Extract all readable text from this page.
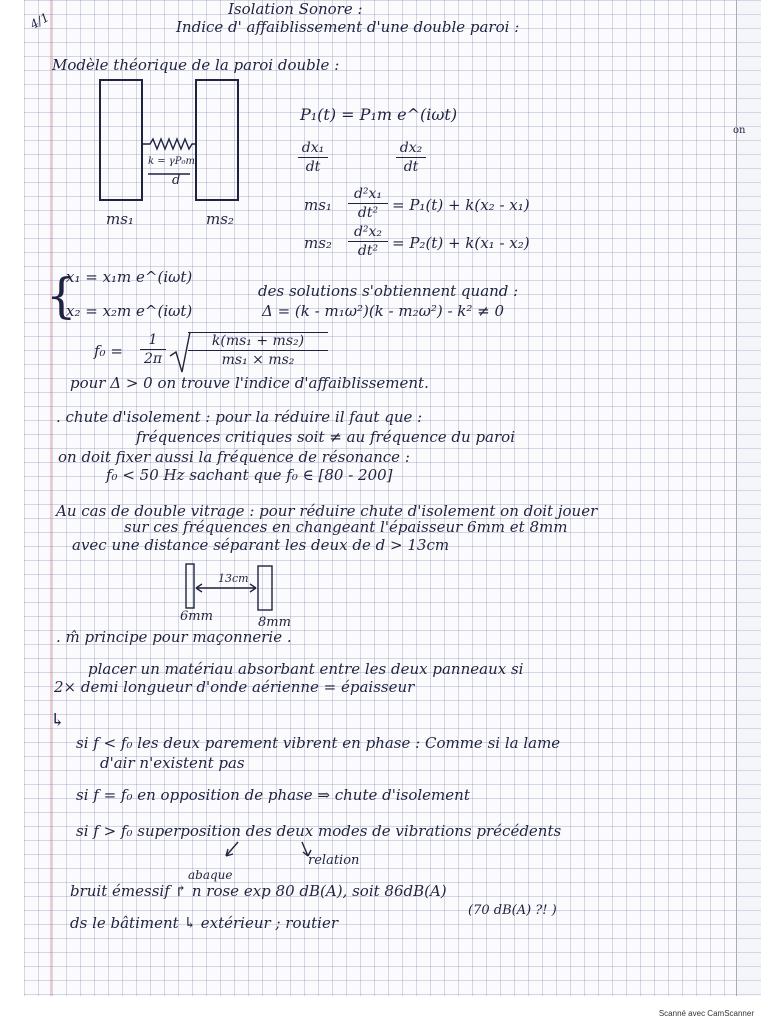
on
4/1
Isolation Sonore :
Indice d' affaiblissement d'une double paroi :
Modèle théorique de la paroi double :
k = γP₀m
d
ms₁	ms₂
P₁(t) = P₁m e^(iωt)
dx₁
dt
dx₂
dt
ms₁
d²x₁
dt² = P₁(t) + k(x₂ - x₁)
ms₂
d²x₂
dt² = P₂(t) + k(x₁ - x₂)
{
x₁ = x₁m e^(iωt)
x₂ = x₂m e^(iωt)
des solutions s'obtiennent quand :
Δ = (k - m₁ω²)(k - m₂ω²) - k² ≠ 0
f₀ =
1
2π
k(ms₁ + ms₂)
ms₁ × ms₂
pour Δ > 0 on trouve l'indice d'affaiblissement.
. chute d'isolement : pour la réduire il faut que :
fréquences critiques soit ≠ au fréquence du paroi
on doit fixer aussi la fréquence de résonance :
f₀ < 50 Hz sachant que f₀ ∈ [80 - 200]
Au cas de double vitrage : pour réduire chute d'isolement on doit jouer
sur ces fréquences en changeant l'épaisseur 6mm et 8mm
avec une distance séparant les deux de d > 13cm
13cm
6mm	8mm
. m̂ principe pour maçonnerie .
placer un matériau absorbant entre les deux panneaux si
2× demi longueur d'onde aérienne = épaisseur
↳
si f < f₀ les deux parement vibrent en phase : Comme si la lame
d'air n'existent pas
si f = f₀ en opposition de phase ⇒ chute d'isolement
si f > f₀ superposition des deux modes de vibrations précédents
abaque
relation
bruit émessif ↱ n rose exp 80 dB(A), soit 86dB(A)
(70 dB(A) ?! )
ds le bâtiment ↳ extérieur ; routier
Scanné avec CamScanner
